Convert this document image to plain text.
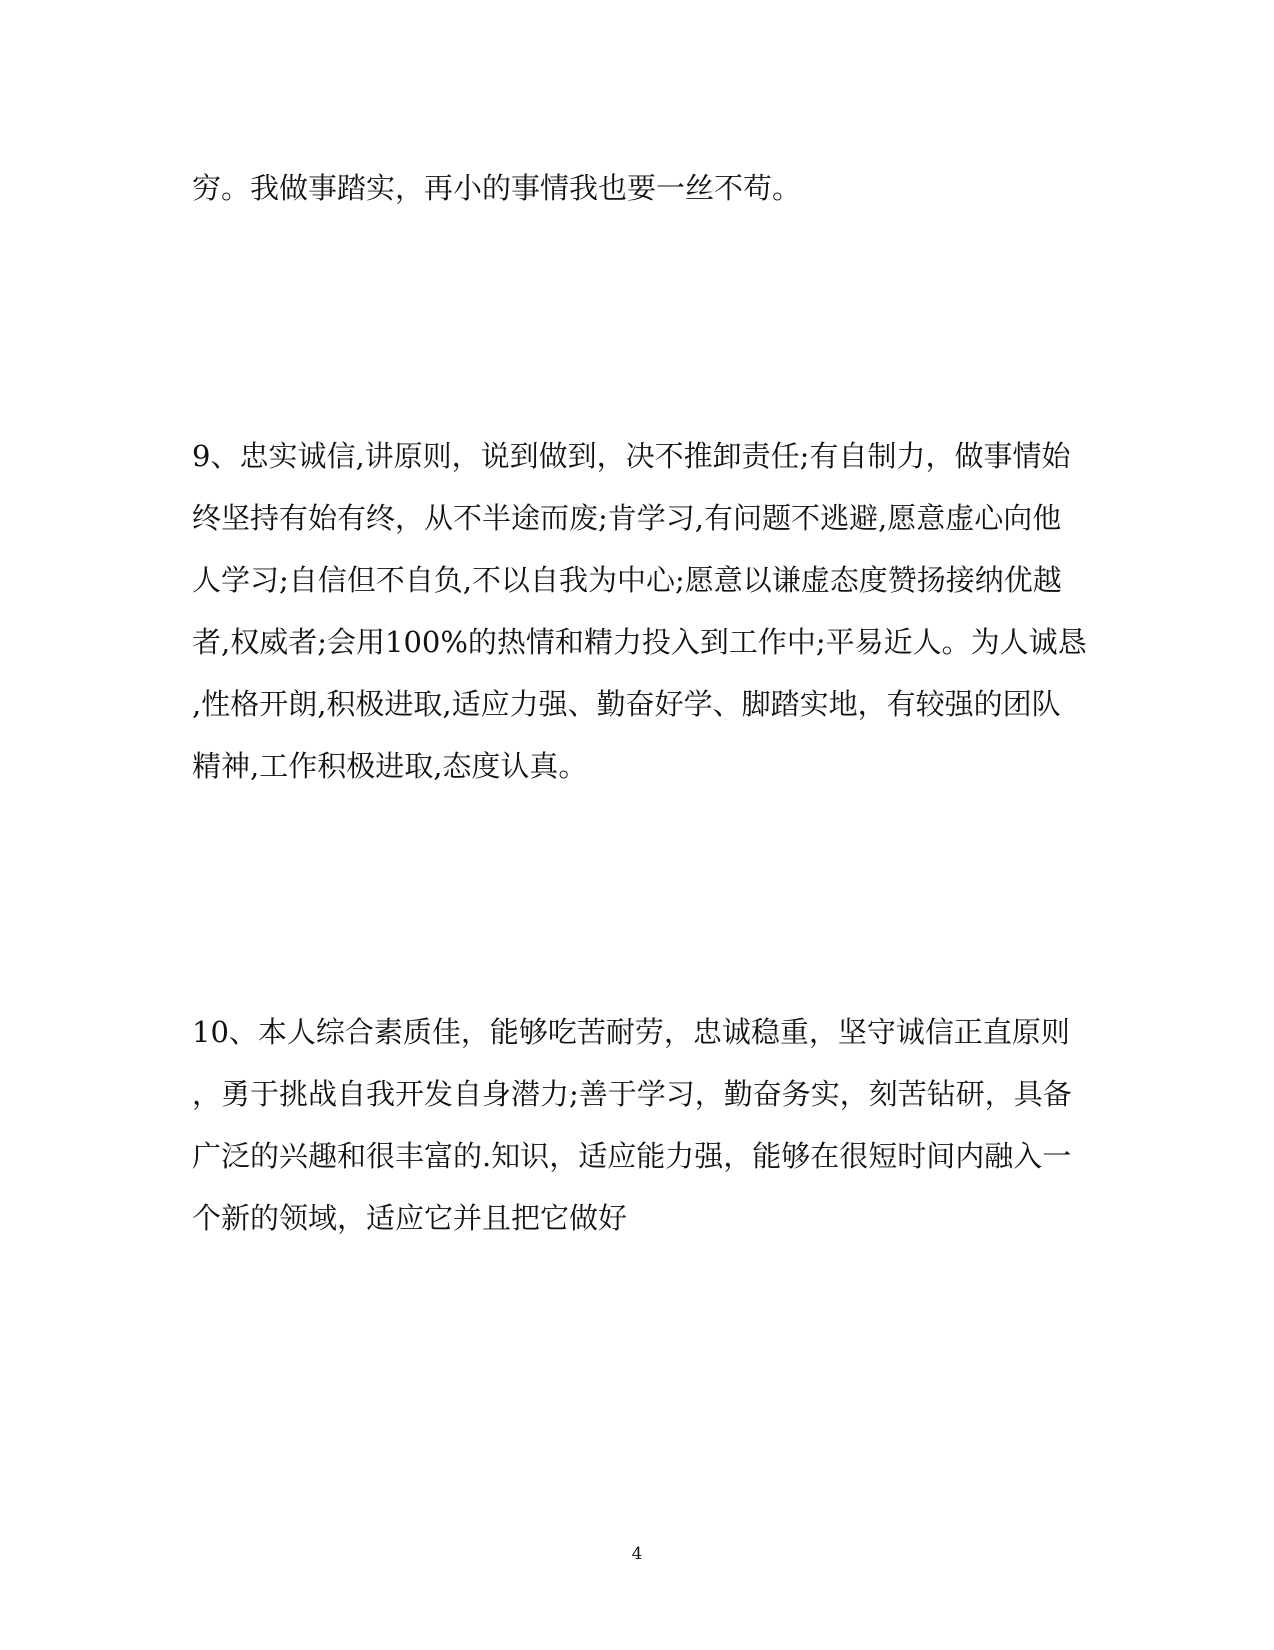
穷。我做事踏实，再小的事情我也要一丝不苟。
9、忠实诚信,讲原则，说到做到，决不推卸责任;有自制力，做事情始
终坚持有始有终，从不半途而废;肯学习,有问题不逃避,愿意虚心向他
人学习;自信但不自负,不以自我为中心;愿意以谦虚态度赞扬接纳优越
者,权威者;会用100%的热情和精力投入到工作中;平易近人。为人诚恳
,性格开朗,积极进取,适应力强、勤奋好学、脚踏实地，有较强的团队
精神,工作积极进取,态度认真。
10、本人综合素质佳，能够吃苦耐劳，忠诚稳重，坚守诚信正直原则
，勇于挑战自我开发自身潜力;善于学习，勤奋务实，刻苦钻研，具备
广泛的兴趣和很丰富的.知识，适应能力强，能够在很短时间内融入一
个新的领域，适应它并且把它做好
4
